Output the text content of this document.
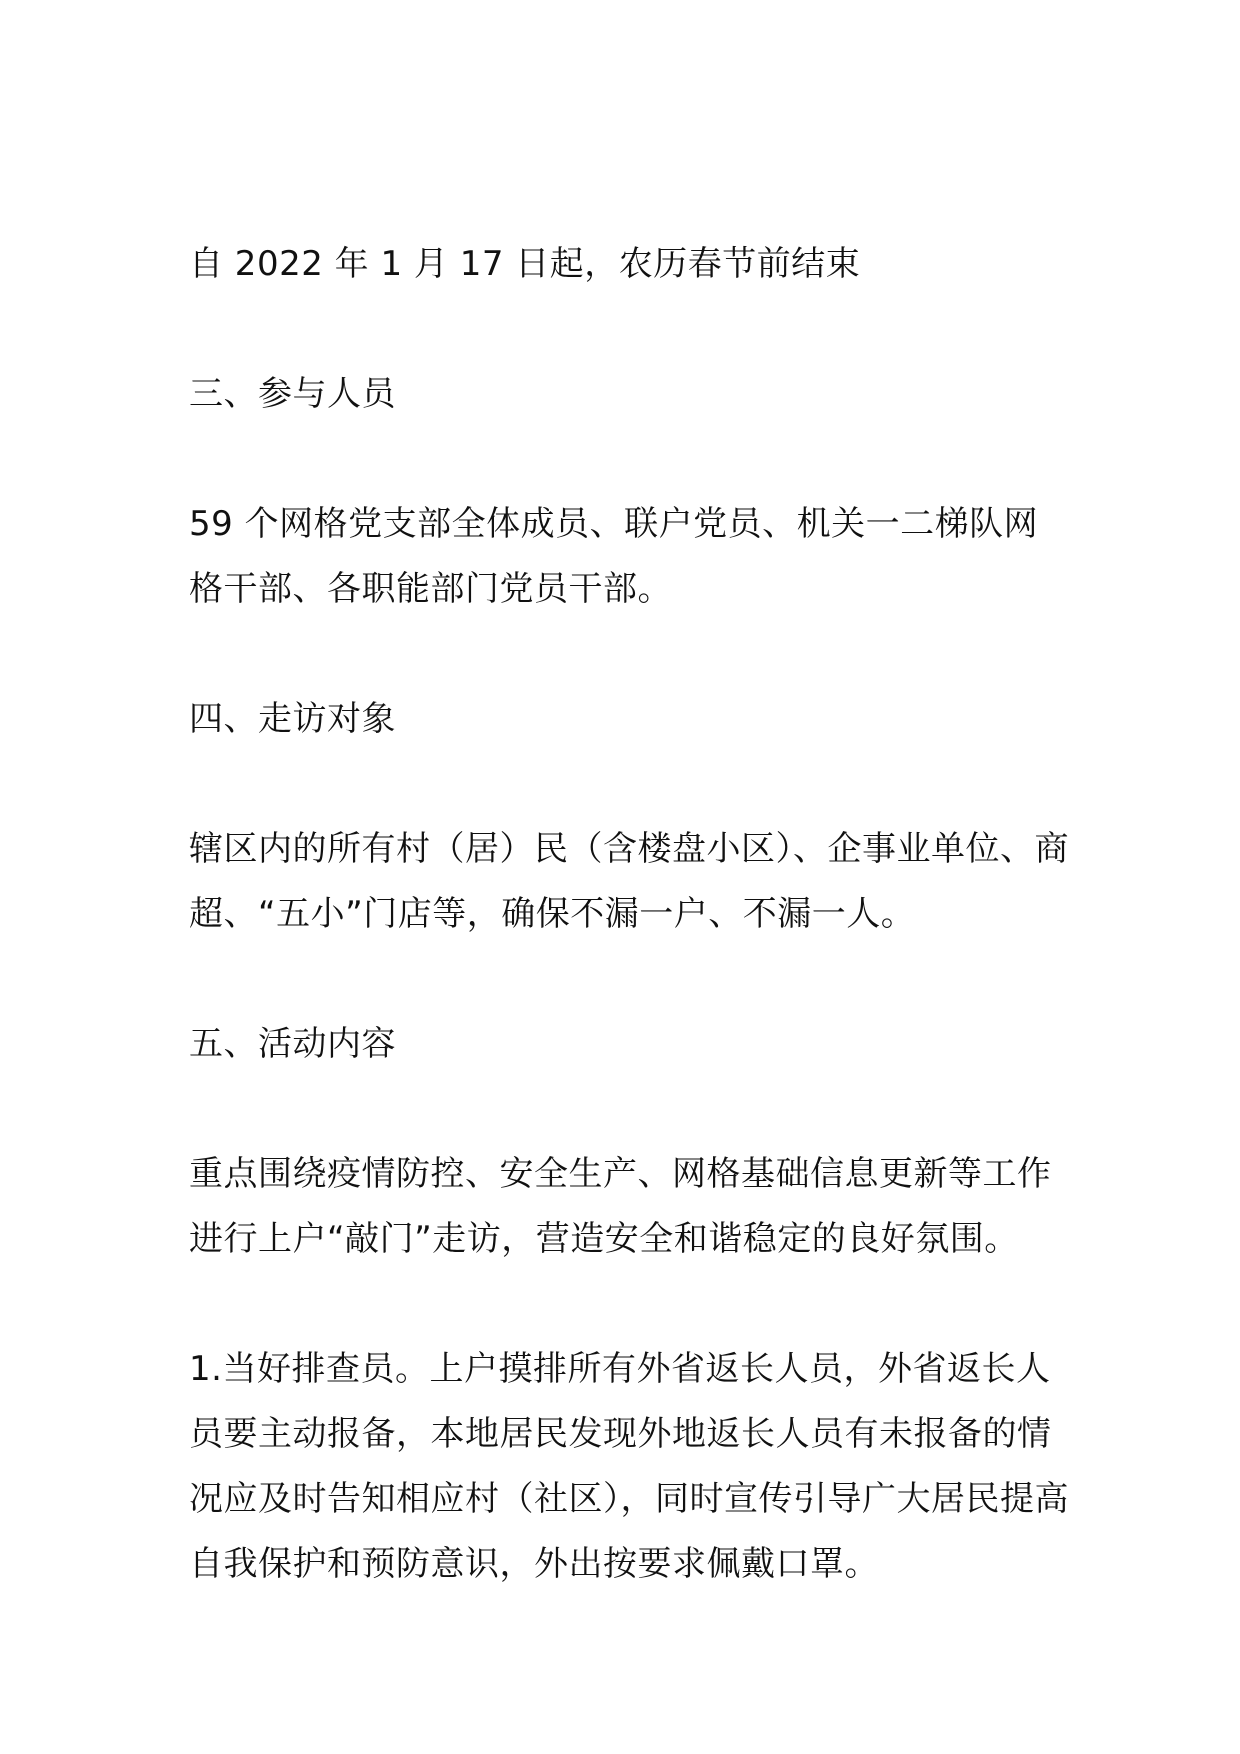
自 2022 年 1 月 17 日起，农历春节前结束

三、参与人员

59 个网格党支部全体成员、联户党员、机关一二梯队网格干部、各职能部门党员干部。

四、走访对象

辖区内的所有村（居）民（含楼盘小区）、企事业单位、商超、“五小”门店等，确保不漏一户、不漏一人。

五、活动内容

重点围绕疫情防控、安全生产、网格基础信息更新等工作进行上户“敲门”走访，营造安全和谐稳定的良好氛围。

1.当好排查员。上户摸排所有外省返长人员，外省返长人员要主动报备，本地居民发现外地返长人员有未报备的情况应及时告知相应村（社区），同时宣传引导广大居民提高自我保护和预防意识，外出按要求佩戴口罩。
